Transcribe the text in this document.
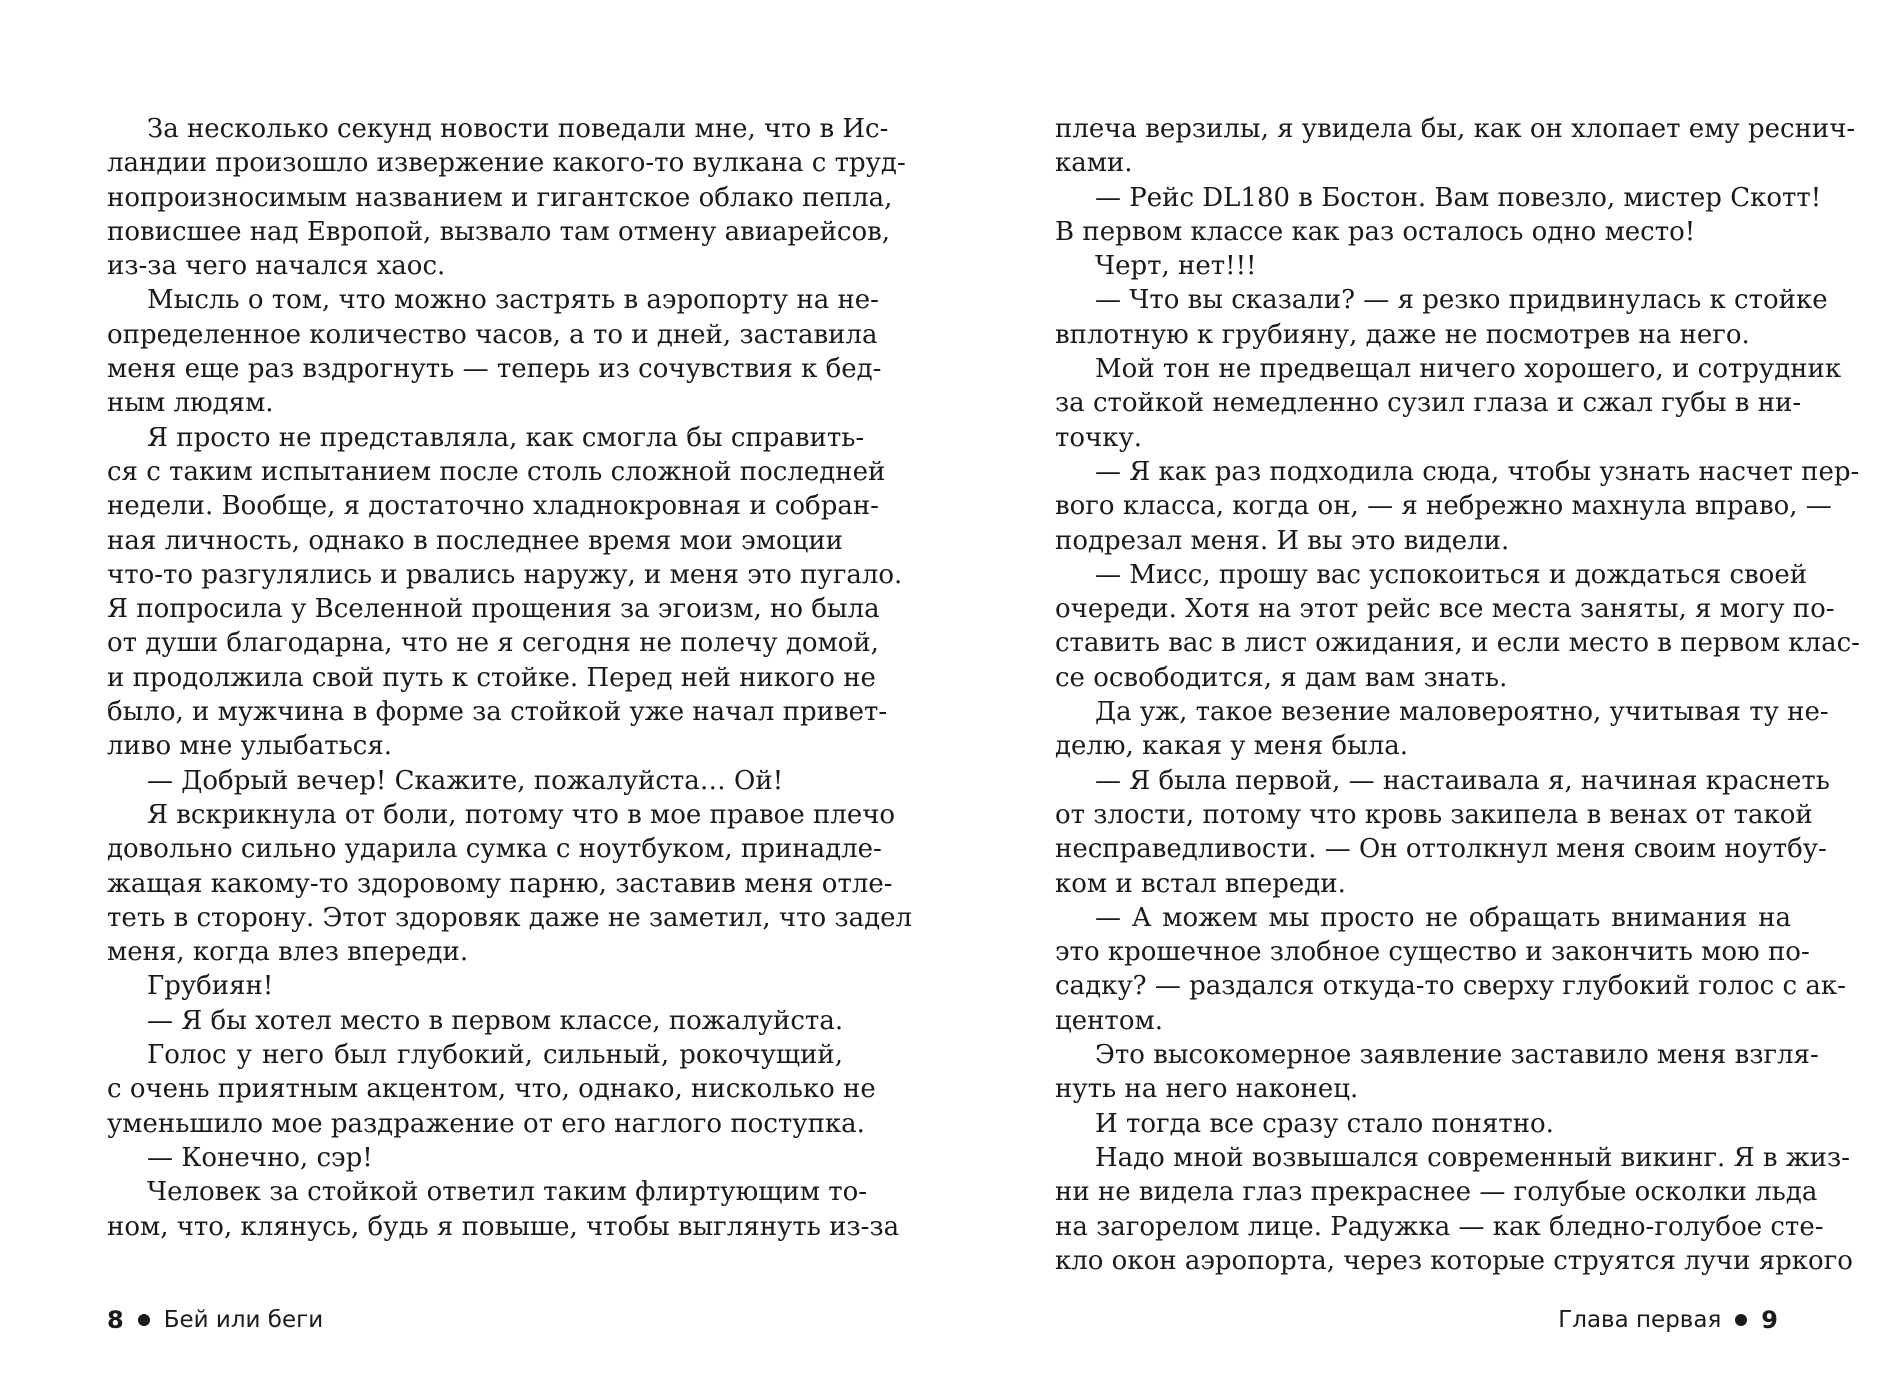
За несколько секунд новости поведали мне, что в Ис-
ландии произошло извержение какого-то вулкана с труд-
нопроизносимым названием и гигантское облако пепла,
повисшее над Европой, вызвало там отмену авиарейсов,
из-за чего начался хаос.
Мысль о том, что можно застрять в аэропорту на не-
определенное количество часов, а то и дней, заставила
меня еще раз вздрогнуть — теперь из сочувствия к бед-
ным людям.
Я просто не представляла, как смогла бы справить-
ся с таким испытанием после столь сложной последней
недели. Вообще, я достаточно хладнокровная и собран-
ная личность, однако в последнее время мои эмоции
что-то разгулялись и рвались наружу, и меня это пугало.
Я попросила у Вселенной прощения за эгоизм, но была
от души благодарна, что не я сегодня не полечу домой,
и продолжила свой путь к стойке. Перед ней никого не
было, и мужчина в форме за стойкой уже начал привет-
ливо мне улыбаться.
— Добрый вечер! Скажите, пожалуйста… Ой!
Я вскрикнула от боли, потому что в мое правое плечо
довольно сильно ударила сумка с ноутбуком, принадле-
жащая какому-то здоровому парню, заставив меня отле-
теть в сторону. Этот здоровяк даже не заметил, что задел
меня, когда влез впереди.
Грубиян!
— Я бы хотел место в первом классе, пожалуйста.
Голос у него был глубокий, сильный, рокочущий,
с очень приятным акцентом, что, однако, нисколько не
уменьшило мое раздражение от его наглого поступка.
— Конечно, сэр!
Человек за стойкой ответил таким флиртующим то-
ном, что, клянусь, будь я повыше, чтобы выглянуть из-за
плеча верзилы, я увидела бы, как он хлопает ему реснич-
ками.
— Рейс DL180 в Бостон. Вам повезло, мистер Скотт!
В первом классе как раз осталось одно место!
Черт, нет!!!
— Что вы сказали? — я резко придвинулась к стойке
вплотную к грубияну, даже не посмотрев на него.
Мой тон не предвещал ничего хорошего, и сотрудник
за стойкой немедленно сузил глаза и сжал губы в ни-
точку.
— Я как раз подходила сюда, чтобы узнать насчет пер-
вого класса, когда он, — я небрежно махнула вправо, —
подрезал меня. И вы это видели.
— Мисс, прошу вас успокоиться и дождаться своей
очереди. Хотя на этот рейс все места заняты, я могу по-
ставить вас в лист ожидания, и если место в первом клас-
се освободится, я дам вам знать.
Да уж, такое везение маловероятно, учитывая ту не-
делю, какая у меня была.
— Я была первой, — настаивала я, начиная краснеть
от злости, потому что кровь закипела в венах от такой
несправедливости. — Он оттолкнул меня своим ноутбу-
ком и встал впереди.
— А можем мы просто не обращать внимания на
это крошечное злобное существо и закончить мою по-
садку? — раздался откуда-то сверху глубокий голос с ак-
центом.
Это высокомерное заявление заставило меня взгля-
нуть на него наконец.
И тогда все сразу стало понятно.
Надо мной возвышался современный викинг. Я в жиз-
ни не видела глаз прекраснее — голубые осколки льда
на загорелом лице. Радужка — как бледно-голубое сте-
кло окон аэропорта, через которые струятся лучи яркого
8 Бей или беги	Глава первая 9
